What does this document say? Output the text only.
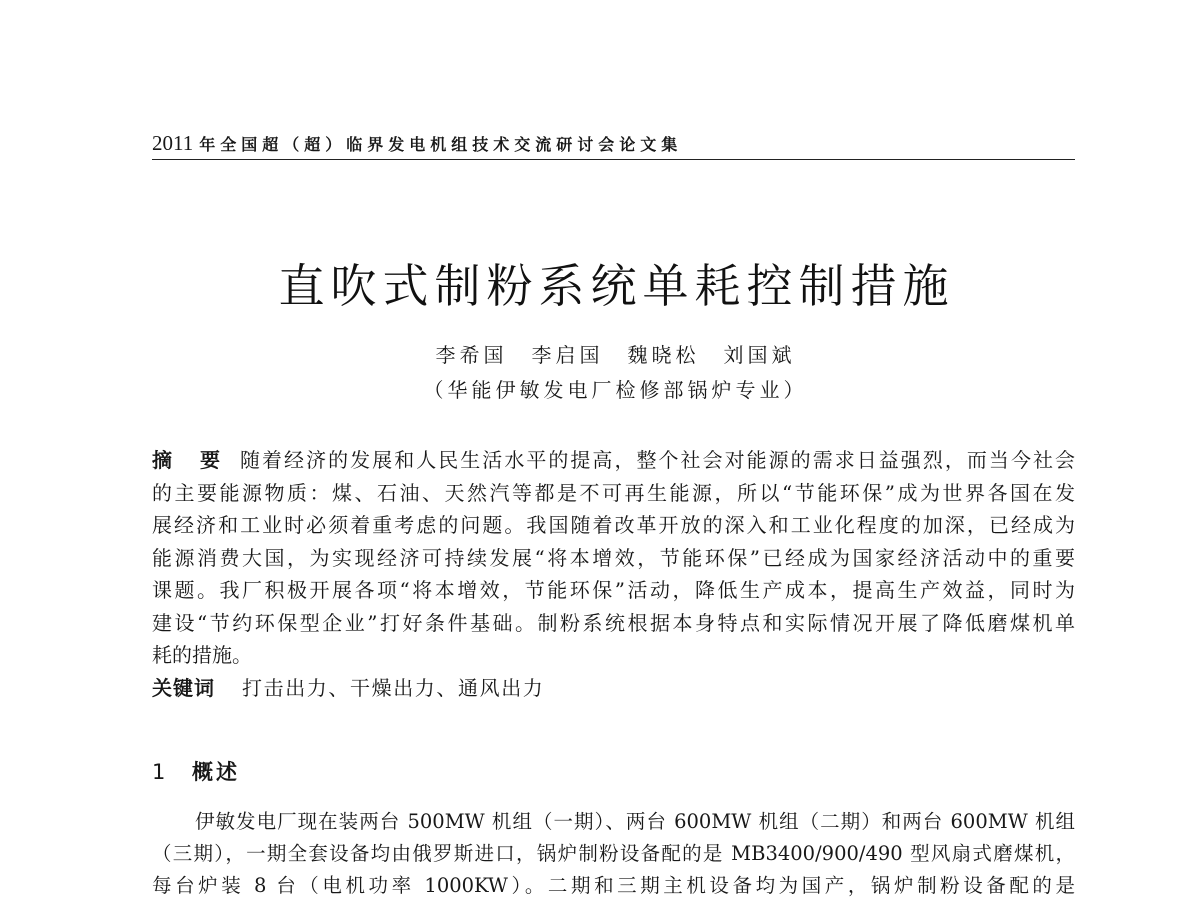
2011 年全国超（超）临界发电机组技术交流研讨会论文集
直吹式制粉系统单耗控制措施
李希国　李启国　魏晓松　刘国斌
（华能伊敏发电厂检修部锅炉专业）
摘　要 随着经济的发展和人民生活水平的提高，整个社会对能源的需求日益强烈，而当今社会
的主要能源物质：煤、石油、天然汽等都是不可再生能源，所以“节能环保”成为世界各国在发
展经济和工业时必须着重考虑的问题。我国随着改革开放的深入和工业化程度的加深，已经成为
能源消费大国，为实现经济可持续发展“将本增效，节能环保”已经成为国家经济活动中的重要
课题。我厂积极开展各项“将本增效，节能环保”活动，降低生产成本，提高生产效益，同时为
建设“节约环保型企业”打好条件基础。制粉系统根据本身特点和实际情况开展了降低磨煤机单
耗的措施。
关键词	打击出力、干燥出力、通风出力
1	概述
伊敏发电厂现在装两台 500MW 机组（一期）、两台 600MW 机组（二期）和两台 600MW 机组
（三期），一期全套设备均由俄罗斯进口，锅炉制粉设备配的是 MB3400/900/490 型风扇式磨煤机，
每台炉装 8 台（电机功率 1000KW）。二期和三期主机设备均为国产，锅炉制粉设备配的是
